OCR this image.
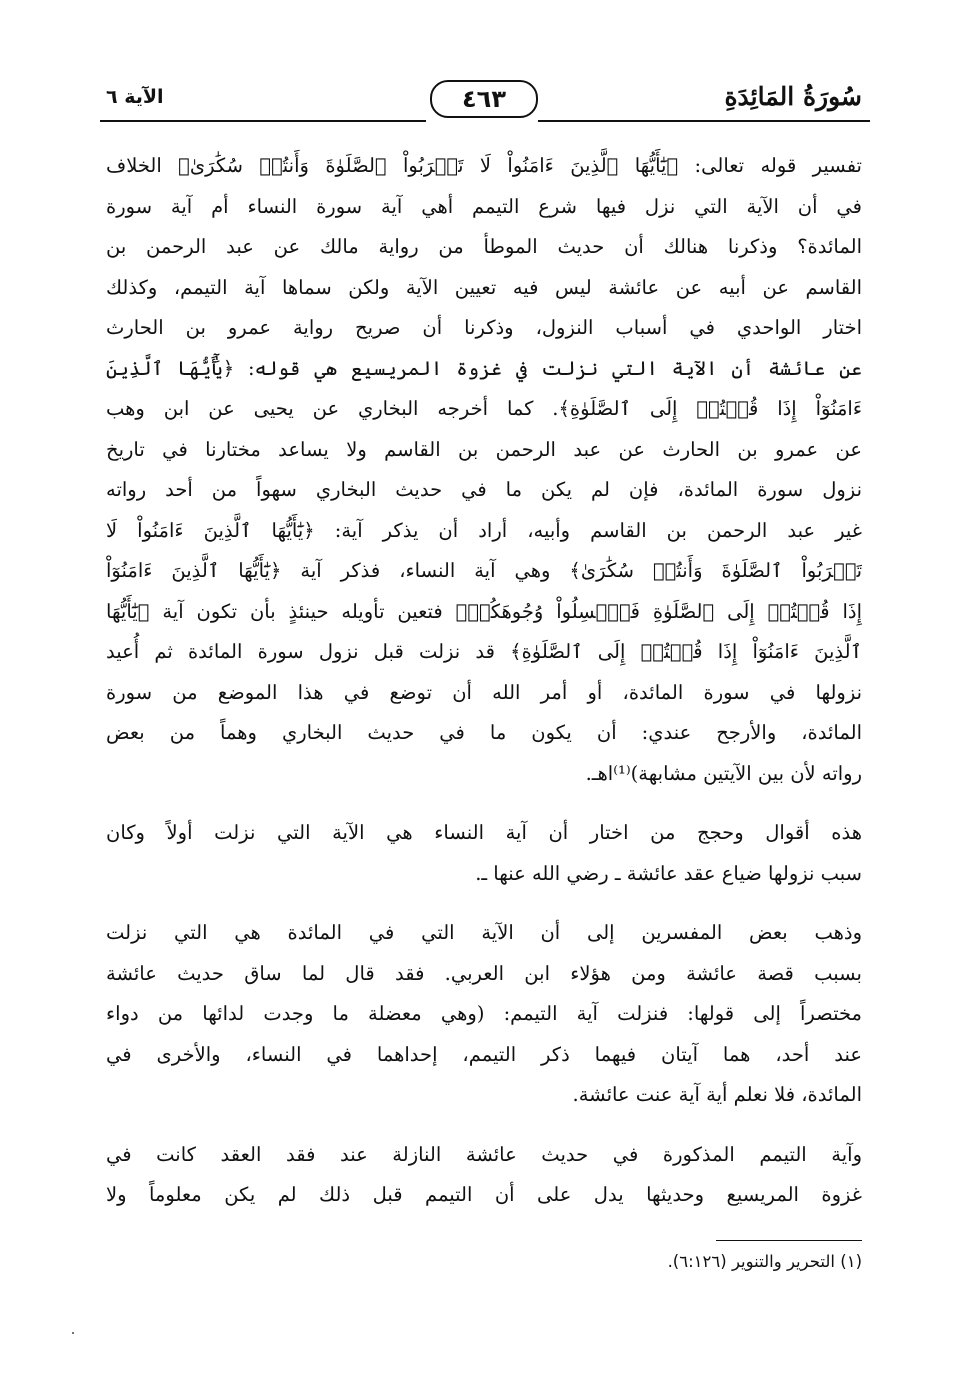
سُورَةُ المَائِدَةِ
٤٦٣
الآية ٦
تفسير قوله تعالى: ﴿يَٰٓأَيُّهَا ٱلَّذِينَ ءَامَنُواْ لَا تَقۡرَبُواْ ٱلصَّلَوٰةَ وَأَنتُمۡ سُكَٰرَىٰ﴾ الخلاف
في أن الآية التي نزل فيها شرع التيمم أهي آية سورة النساء أم آية سورة
المائدة؟ وذكرنا هنالك أن حديث الموطأ من رواية مالك عن عبد الرحمن بن
القاسم عن أبيه عن عائشة ليس فيه تعيين الآية ولكن سماها آية التيمم، وكذلك
اختار الواحدي في أسباب النزول، وذكرنا أن صريح رواية عمرو بن الحارث
عن عائشة أن الآية التي نزلت في غزوة المريسيع هي قوله: ﴿يَٰٓأَيُّهَا ٱلَّذِينَ
ءَامَنُوٓاْ إِذَا قُمۡتُمۡ إِلَى ٱلصَّلَوٰةِ﴾. كما أخرجه البخاري عن يحيى عن ابن وهب
عن عمرو بن الحارث عن عبد الرحمن بن القاسم ولا يساعد مختارنا في تاريخ
نزول سورة المائدة، فإن لم يكن ما في حديث البخاري سهواً من أحد رواته
غير عبد الرحمن بن القاسم وأبيه، أراد أن يذكر آية: ﴿يَٰٓأَيُّهَا ٱلَّذِينَ ءَامَنُواْ لَا
تَقۡرَبُواْ ٱلصَّلَوٰةَ وَأَنتُمۡ سُكَٰرَىٰ﴾ وهي آية النساء، فذكر آية ﴿يَٰٓأَيُّهَا ٱلَّذِينَ ءَامَنُوٓاْ
إِذَا قُمۡتُمۡ إِلَى ٱلصَّلَوٰةِ فَٱغۡسِلُواْ وُجُوهَكُمۡ﴾ فتعين تأويله حينئذٍ بأن تكون آية ﴿يَٰٓأَيُّهَا
ٱلَّذِينَ ءَامَنُوٓاْ إِذَا قُمۡتُمۡ إِلَى ٱلصَّلَوٰةِ﴾ قد نزلت قبل نزول سورة المائدة ثم أُعيد
نزولها في سورة المائدة، أو أمر الله أن توضع في هذا الموضع من سورة
المائدة، والأرجح عندي: أن يكون ما في حديث البخاري وهماً من بعض
رواته لأن بين الآيتين مشابهة)⁽¹⁾اهـ.
هذه أقوال وحجج من اختار أن آية النساء هي الآية التي نزلت أولاً وكان
سبب نزولها ضياع عقد عائشة ـ رضي الله عنها ـ.
وذهب بعض المفسرين إلى أن الآية التي في المائدة هي التي نزلت
بسبب قصة عائشة ومن هؤلاء ابن العربي. فقد قال لما ساق حديث عائشة
مختصراً إلى قولها: فنزلت آية التيمم: (وهي معضلة ما وجدت لدائها من دواء
عند أحد، هما آيتان فيهما ذكر التيمم، إحداهما في النساء، والأخرى في
المائدة، فلا نعلم أية آية عنت عائشة.
وآية التيمم المذكورة في حديث عائشة النازلة عند فقد العقد كانت في
غزوة المريسيع وحديثها يدل على أن التيمم قبل ذلك لم يكن معلوماً ولا
(١) التحرير والتنوير (٦:١٢٦).
